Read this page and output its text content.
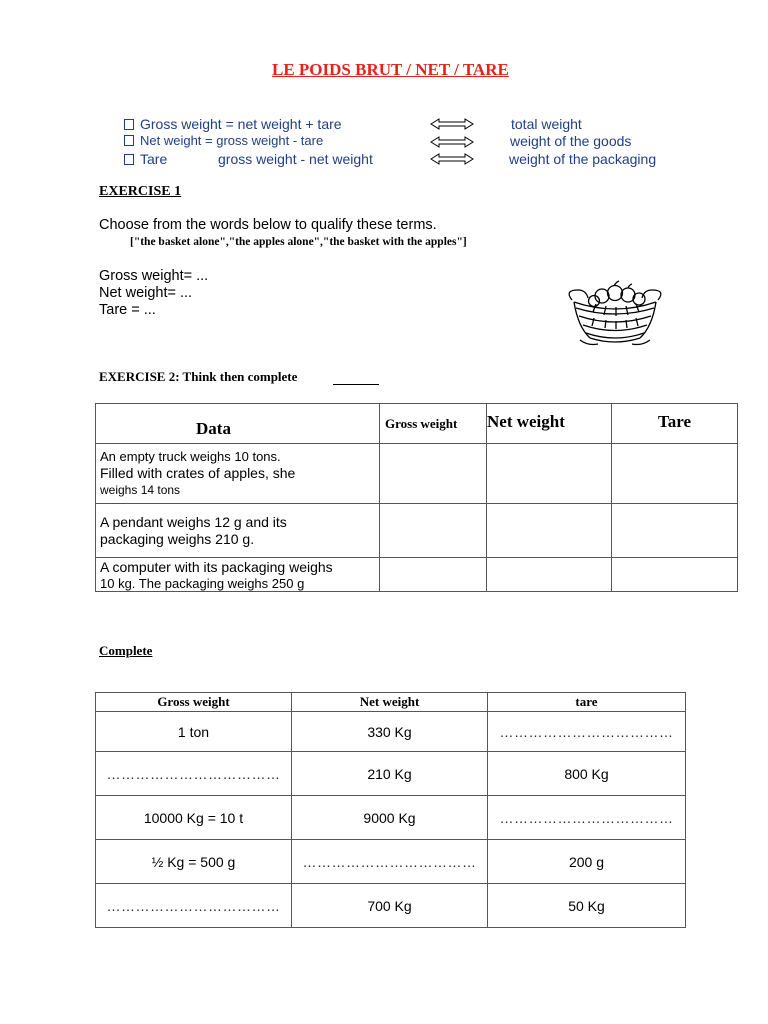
LE POIDS BRUT / NET / TARE
Gross weight = net weight + tare	total weight
Net weight = gross weight - tare	weight of the goods
Tare	gross weight - net weight	weight of the packaging
EXERCISE 1
Choose from the words below to qualify these terms.
["the basket alone","the apples alone","the basket with the apples"]
Gross weight= ...
Net weight= ...
Tare = ...
EXERCISE 2: Think then complete
Data	Gross weight	Net weight	Tare

An empty truck weighs 10 tons.
Filled with crates of apples, she
weighs 14 tons			

A pendant weighs 12 g and its
packaging weighs 210 g.			

A computer with its packaging weighs
10 kg. The packaging weighs 250 g			

Complete
Gross weight	Net weight	tare
1 ton	330 Kg	………………………………
………………………………	210 Kg	800 Kg
10000 Kg = 10 t	9000 Kg	………………………………
½ Kg = 500 g	………………………………	200 g
………………………………	700 Kg	50 Kg
